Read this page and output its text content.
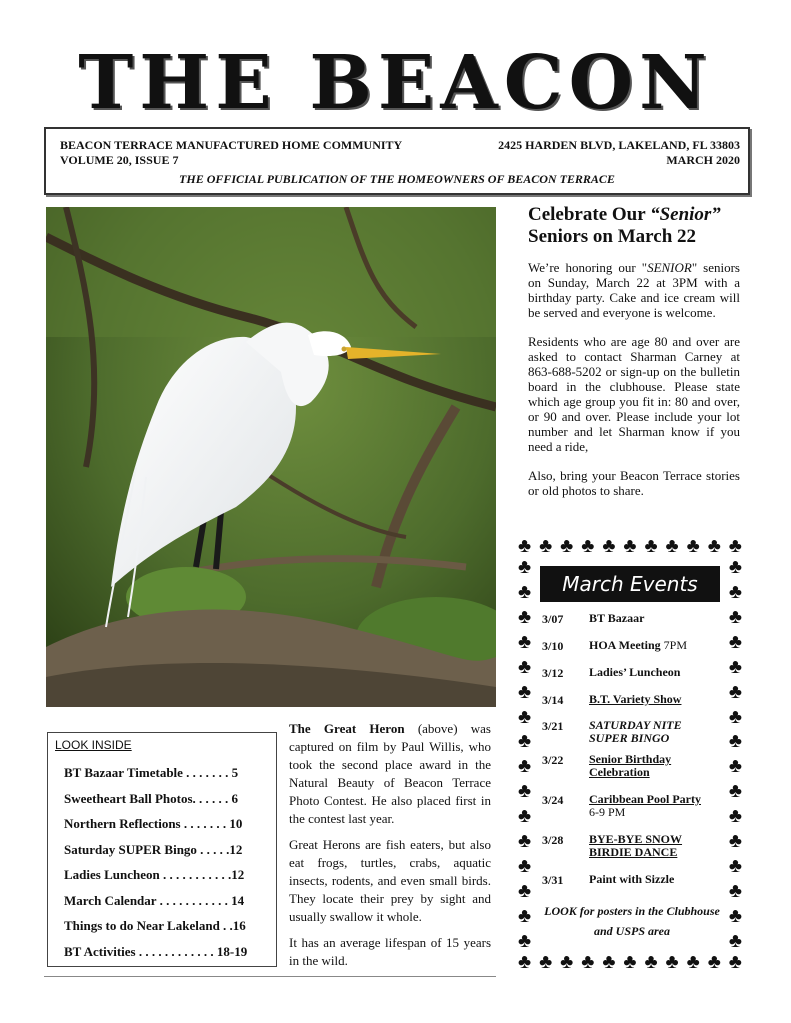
THE BEACON
BEACON TERRACE MANUFACTURED HOME COMMUNITY	2425 HARDEN BLVD, LAKELAND, FL 33803
VOLUME 20, ISSUE 7	MARCH 2020
THE OFFICIAL PUBLICATION OF THE HOMEOWNERS OF BEACON TERRACE
Celebrate Our “Senior”
Seniors on March 22

We’re honoring our "SENIOR" seniors on Sunday, March 22 at 3PM with a birthday party. Cake and ice cream will be served and everyone is welcome.

Residents who are age 80 and over are asked to contact Sharman Carney at 863-688-5202 or sign-up on the bulletin board in the clubhouse. Please state which age group you fit in: 80 and over, or 90 and over. Please include your lot number and let Sharman know if you need a ride,

Also, bring your Beacon Terrace stories or old photos to share.

♣ ♣ ♣ ♣ ♣ ♣ ♣ ♣ ♣ ♣ ♣
♣ ♣ ♣ ♣ ♣ ♣ ♣ ♣ ♣ ♣ ♣
♣
♣
♣
♣
♣
♣
♣
♣
♣
♣
♣
♣
♣
♣
♣
♣
♣
♣
♣
♣
♣
♣
♣
♣
♣
♣
♣
♣
♣
♣
♣
♣
March Events
3/07	BT Bazaar
3/10	HOA Meeting 7PM
3/12	Ladies’ Luncheon
3/14	B.T. Variety Show
3/21	SATURDAY NITE SUPER BINGO
3/22	Senior Birthday Celebration
3/24	Caribbean Pool Party
6-9 PM
3/28	BYE-BYE SNOW BIRDIE DANCE
3/31	Paint with Sizzle
LOOK for posters in the Clubhouse and USPS area
LOOK INSIDE
BT Bazaar Timetable . . . . . . . 5
Sweetheart Ball Photos. . . . . . 6
Northern Reflections . . . . . . . 10
Saturday SUPER Bingo . . . . .12
Ladies Luncheon . . . . . . . . . . .12
March Calendar . . . . . . . . . . . 14
Things to do Near Lakeland . .16
BT Activities . . . . . . . . . . . . 18-19

The Great Heron (above) was captured on film by Paul Willis, who took the second place award in the Natural Beauty of Beacon Terrace Photo Contest. He also placed first in the contest last year.

Great Herons are fish eaters, but also eat frogs, turtles, crabs, aquatic insects, rodents, and even small birds. They locate their prey by sight and usually swallow it whole.

It has an average lifespan of 15 years in the wild.
